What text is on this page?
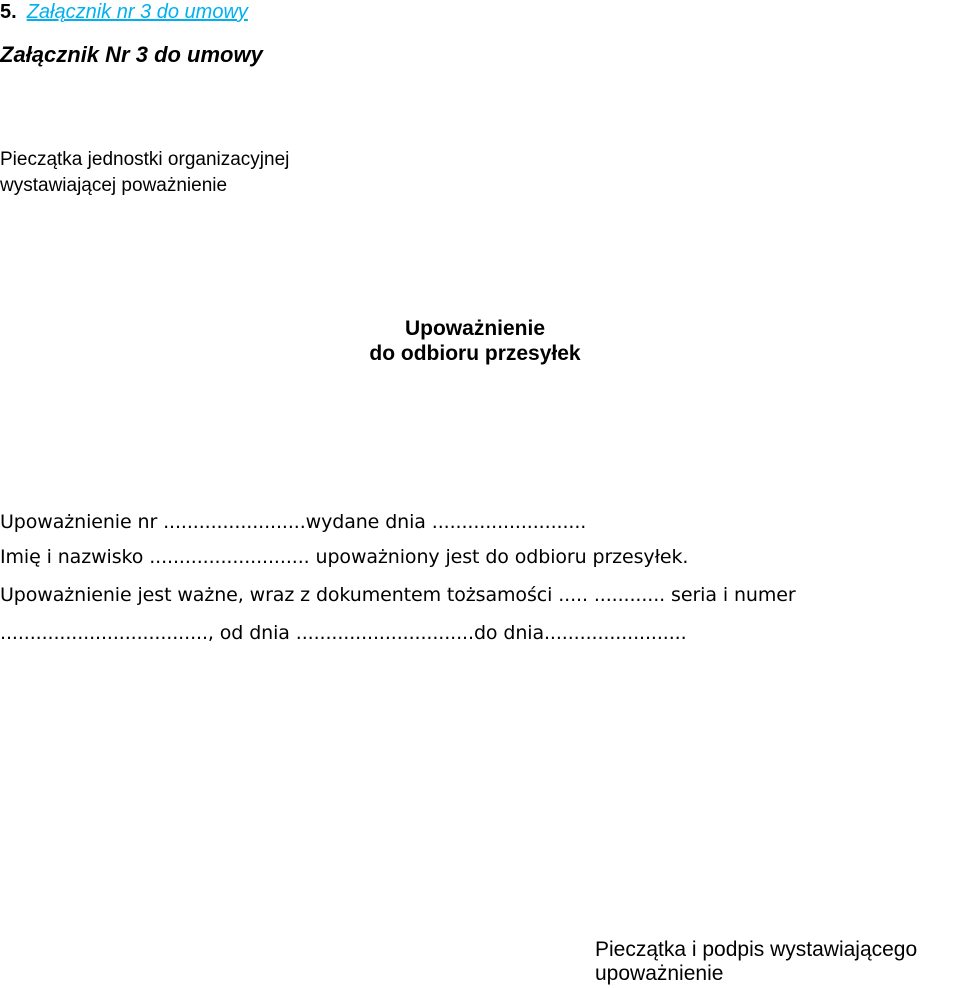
5. Załącznik nr 3 do umowy
Załącznik Nr 3 do umowy
Pieczątka jednostki organizacyjnej
wystawiającej poważnienie
Upoważnienie
do odbioru przesyłek
Upoważnienie nr ........................wydane dnia ..........................
Imię i nazwisko ........................... upoważniony jest do odbioru przesyłek.
Upoważnienie jest ważne, wraz z dokumentem tożsamości ..... ............ seria i numer
..................................., od dnia ..............................do dnia........................
Pieczątka i podpis wystawiającego
upoważnienie
